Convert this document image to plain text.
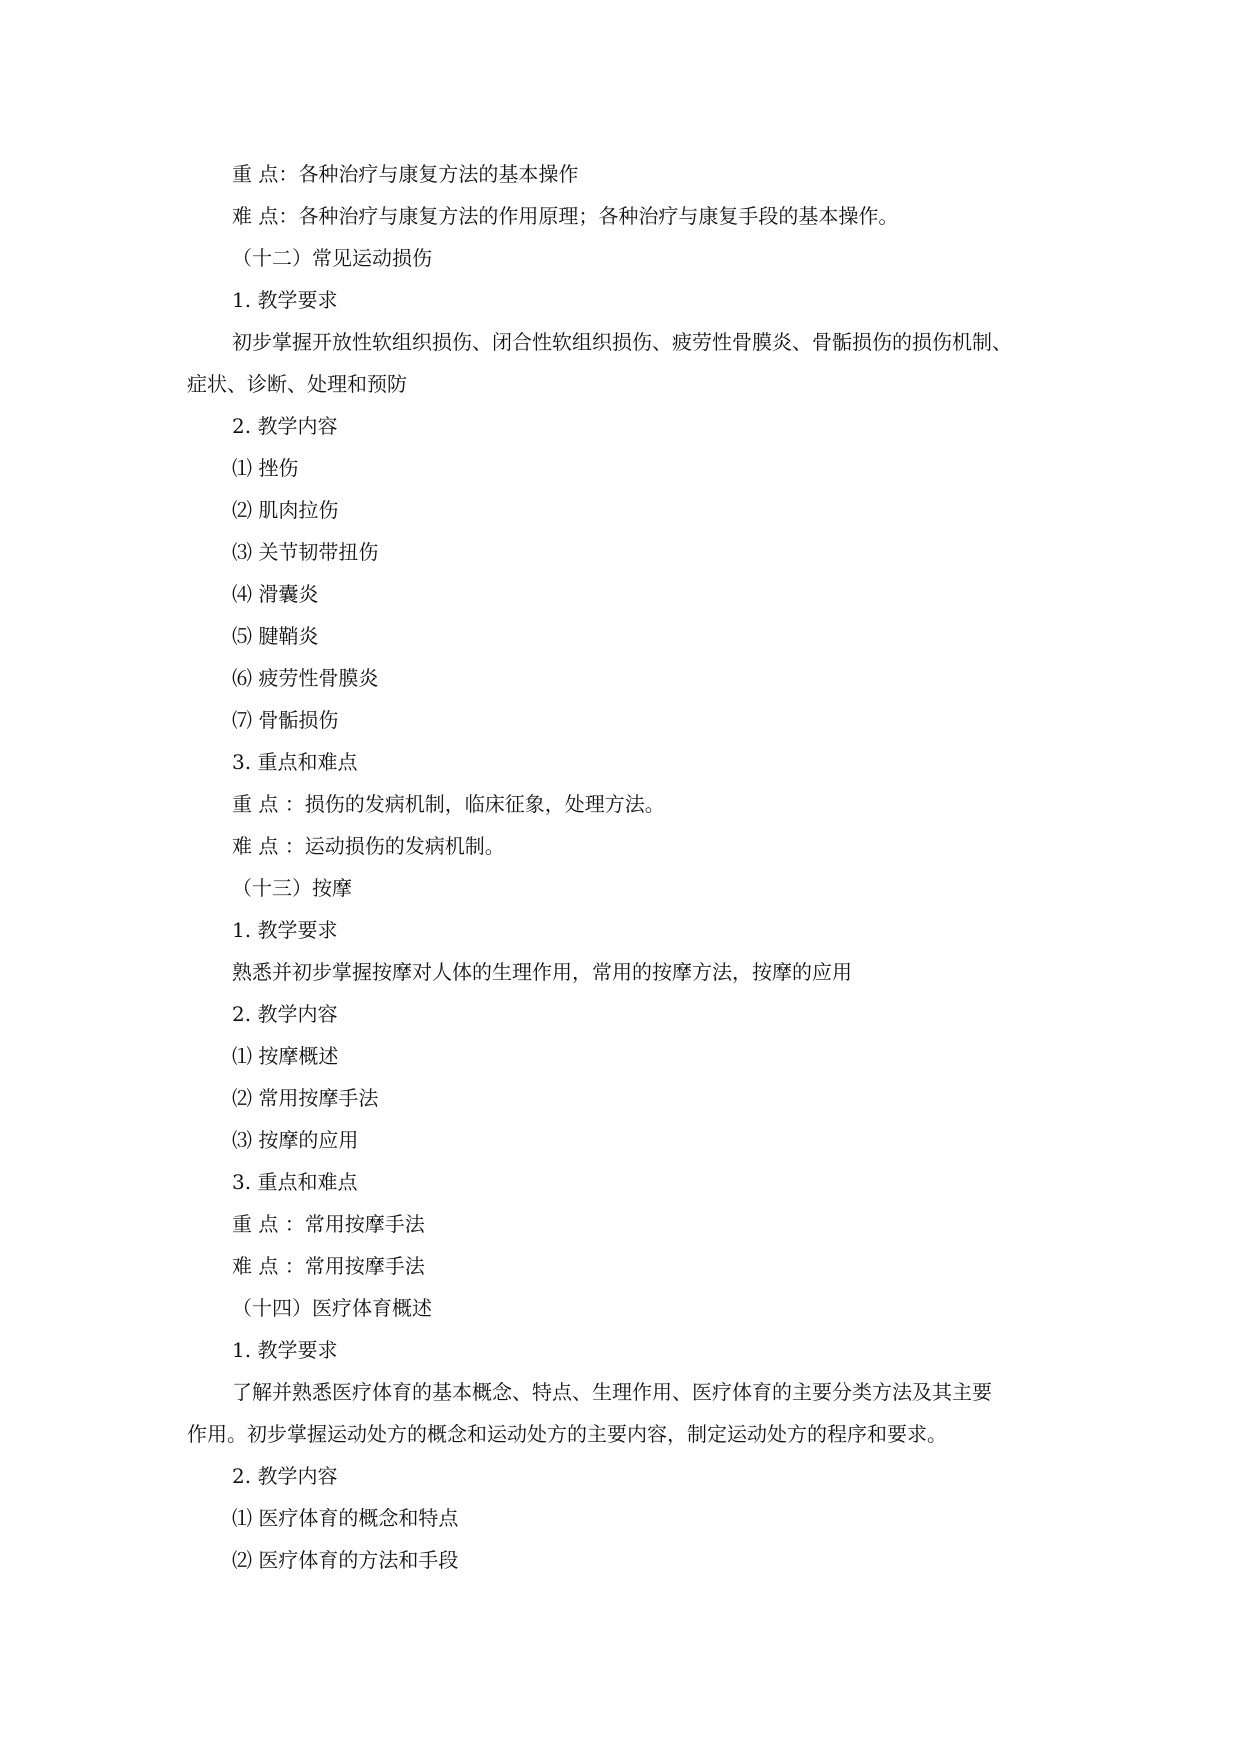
重 点：各种治疗与康复方法的基本操作
难 点：各种治疗与康复方法的作用原理；各种治疗与康复手段的基本操作。
（十二）常见运动损伤
1. 教学要求
初步掌握开放性软组织损伤、闭合性软组织损伤、疲劳性骨膜炎、骨骺损伤的损伤机制、
症状、诊断、处理和预防
2. 教学内容
⑴ 挫伤
⑵ 肌肉拉伤
⑶ 关节韧带扭伤
⑷ 滑囊炎
⑸ 腱鞘炎
⑹ 疲劳性骨膜炎
⑺ 骨骺损伤
3. 重点和难点
重 点 ：损伤的发病机制，临床征象，处理方法。
难 点 ：运动损伤的发病机制。
（十三）按摩
1. 教学要求
熟悉并初步掌握按摩对人体的生理作用，常用的按摩方法，按摩的应用
2. 教学内容
⑴ 按摩概述
⑵ 常用按摩手法
⑶ 按摩的应用
3. 重点和难点
重 点 ：常用按摩手法
难 点 ：常用按摩手法
（十四）医疗体育概述
1. 教学要求
了解并熟悉医疗体育的基本概念、特点、生理作用、医疗体育的主要分类方法及其主要
作用。初步掌握运动处方的概念和运动处方的主要内容，制定运动处方的程序和要求。
2. 教学内容
⑴ 医疗体育的概念和特点
⑵ 医疗体育的方法和手段
